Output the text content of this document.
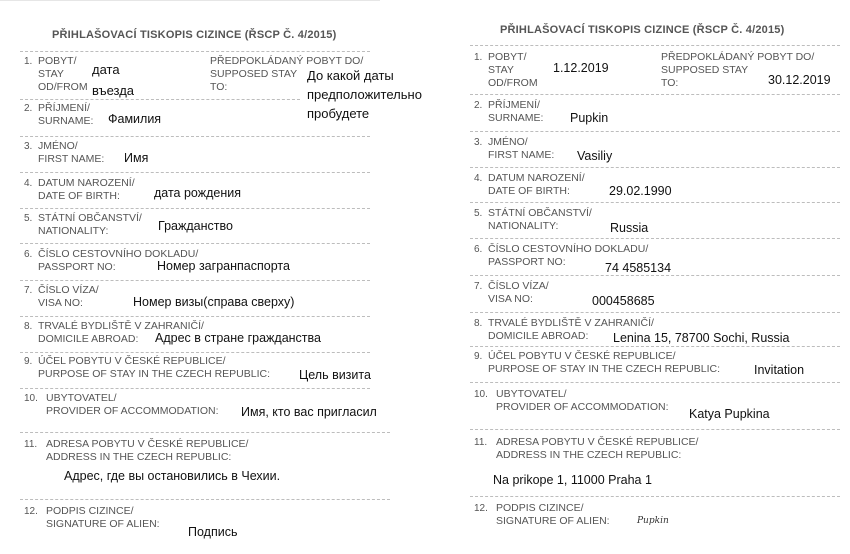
PŘIHLAŠOVACÍ TISKOPIS CIZINCE (ŘSCP Č. 4/2015)
1. POBYT/
STAY
OD/FROM
дата
въезда
PŘEDPOKLÁDANÝ POBYT DO/
SUPPOSED STAY
TO:
До какой даты
предположительно
пробудете
2. PŘÍJMENÍ/
SURNAME: Фамилия
3. JMÉNO/
FIRST NAME: Имя
4. DATUM NAROZENÍ/
DATE OF BIRTH:	дата рождения
5. STÁTNÍ OBČANSTVÍ/
NATIONALITY:	Гражданство
6. ČÍSLO CESTOVNÍHO DOKLADU/
PASSPORT NO:	Номер загранпаспорта
7. ČÍSLO VÍZA/
VISA NO:	Номер визы(справа сверху)
8. TRVALÉ BYDLIŠTĚ V ZAHRANIČÍ/
DOMICILE ABROAD: Адрес в стране гражданства
9. ÚČEL POBYTU V ČESKÉ REPUBLICE/
PURPOSE OF STAY IN THE CZECH REPUBLIC: Цель визита
10. UBYTOVATEL/
PROVIDER OF ACCOMMODATION: Имя, кто вас пригласил
11. ADRESA POBYTU V ČESKÉ REPUBLICE/
ADDRESS IN THE CZECH REPUBLIC:
Адрес, где вы остановились в Чехии.
12. PODPIS CIZINCE/
SIGNATURE OF ALIEN:
Подпись
PŘIHLAŠOVACÍ TISKOPIS CIZINCE (ŘSCP Č. 4/2015)
1. POBYT/
STAY
OD/FROM
1.12.2019
PŘEDPOKLÁDANÝ POBYT DO/
SUPPOSED STAY
TO:	30.12.2019
2. PŘÍJMENÍ/
SURNAME: Pupkin
3. JMÉNO/
FIRST NAME: Vasiliy
4. DATUM NAROZENÍ/
DATE OF BIRTH:	29.02.1990
5. STÁTNÍ OBČANSTVÍ/
NATIONALITY:	Russia
6. ČÍSLO CESTOVNÍHO DOKLADU/
PASSPORT NO:	74 4585134
7. ČÍSLO VÍZA/
VISA NO:	000458685
8. TRVALÉ BYDLIŠTĚ V ZAHRANIČÍ/
DOMICILE ABROAD: Lenina 15, 78700 Sochi, Russia
9. ÚČEL POBYTU V ČESKÉ REPUBLICE/
PURPOSE OF STAY IN THE CZECH REPUBLIC:	Invitation
10. UBYTOVATEL/
PROVIDER OF ACCOMMODATION: Katya Pupkina
11. ADRESA POBYTU V ČESKÉ REPUBLICE/
ADDRESS IN THE CZECH REPUBLIC:
Na prikope 1, 11000 Praha 1
12. PODPIS CIZINCE/
SIGNATURE OF ALIEN:	Pupkin
